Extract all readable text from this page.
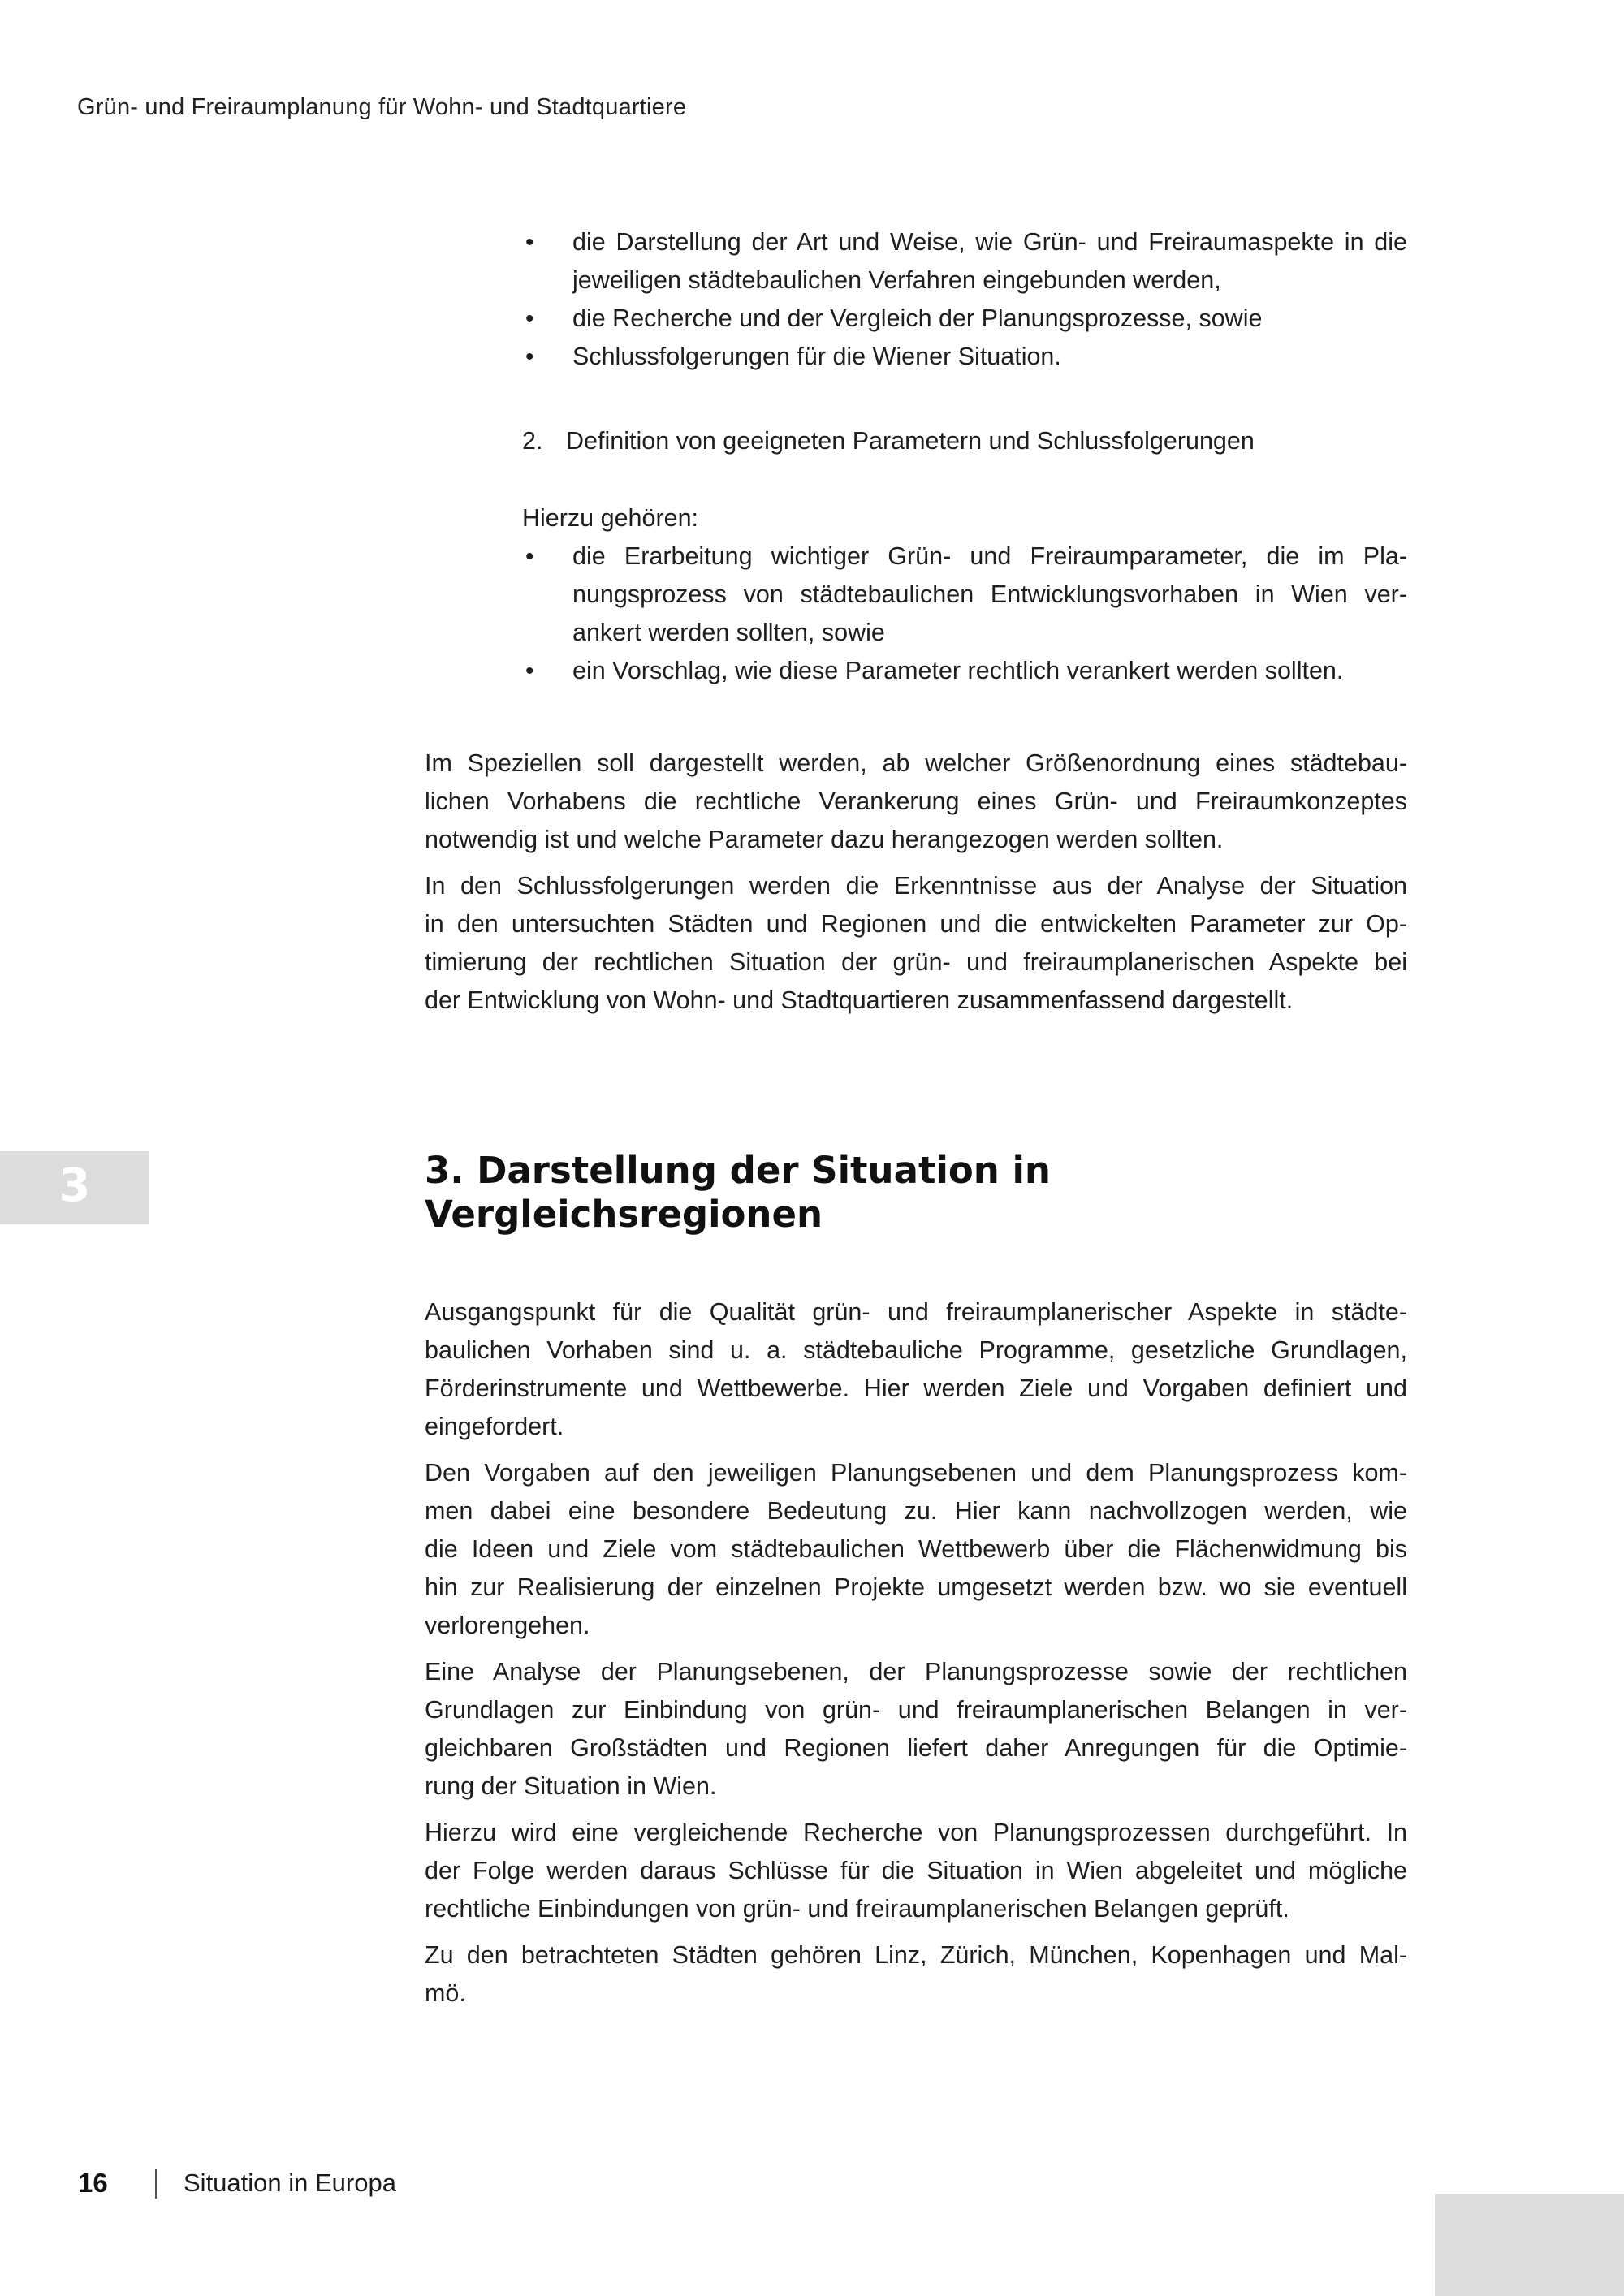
Grün- und Freiraumplanung für Wohn- und Stadtquartiere
• die Darstellung der Art und Weise, wie Grün- und Freiraumaspekte in die
jeweiligen städtebaulichen Verfahren eingebunden werden,
• die Recherche und der Vergleich der Planungsprozesse, sowie
• Schlussfolgerungen für die Wiener Situation.
2. Definition von geeigneten Parametern und Schlussfolgerungen
Hierzu gehören:
• die Erarbeitung wichtiger Grün- und Freiraumparameter, die im Pla-
nungsprozess von städtebaulichen Entwicklungsvorhaben in Wien ver-
ankert werden sollten, sowie
• ein Vorschlag, wie diese Parameter rechtlich verankert werden sollten.
Im Speziellen soll dargestellt werden, ab welcher Größenordnung eines städtebau-
lichen Vorhabens die rechtliche Verankerung eines Grün- und Freiraumkonzeptes
notwendig ist und welche Parameter dazu herangezogen werden sollten.
In den Schlussfolgerungen werden die Erkenntnisse aus der Analyse der Situation
in den untersuchten Städten und Regionen und die entwickelten Parameter zur Op-
timierung der rechtlichen Situation der grün- und freiraumplanerischen Aspekte bei
der Entwicklung von Wohn- und Stadtquartieren zusammenfassend dargestellt.
3	3. Darstellung der Situation in
Vergleichsregionen
Ausgangspunkt für die Qualität grün- und freiraumplanerischer Aspekte in städte-
baulichen Vorhaben sind u. a. städtebauliche Programme, gesetzliche Grundlagen,
Förderinstrumente und Wettbewerbe. Hier werden Ziele und Vorgaben definiert und
eingefordert.
Den Vorgaben auf den jeweiligen Planungsebenen und dem Planungsprozess kom-
men dabei eine besondere Bedeutung zu. Hier kann nachvollzogen werden, wie
die Ideen und Ziele vom städtebaulichen Wettbewerb über die Flächenwidmung bis
hin zur Realisierung der einzelnen Projekte umgesetzt werden bzw. wo sie eventuell
verlorengehen.
Eine Analyse der Planungsebenen, der Planungsprozesse sowie der rechtlichen
Grundlagen zur Einbindung von grün- und freiraumplanerischen Belangen in ver-
gleichbaren Großstädten und Regionen liefert daher Anregungen für die Optimie-
rung der Situation in Wien.
Hierzu wird eine vergleichende Recherche von Planungsprozessen durchgeführt. In
der Folge werden daraus Schlüsse für die Situation in Wien abgeleitet und mögliche
rechtliche Einbindungen von grün- und freiraumplanerischen Belangen geprüft.
Zu den betrachteten Städten gehören Linz, Zürich, München, Kopenhagen und Mal-
mö.
16	Situation in Europa
